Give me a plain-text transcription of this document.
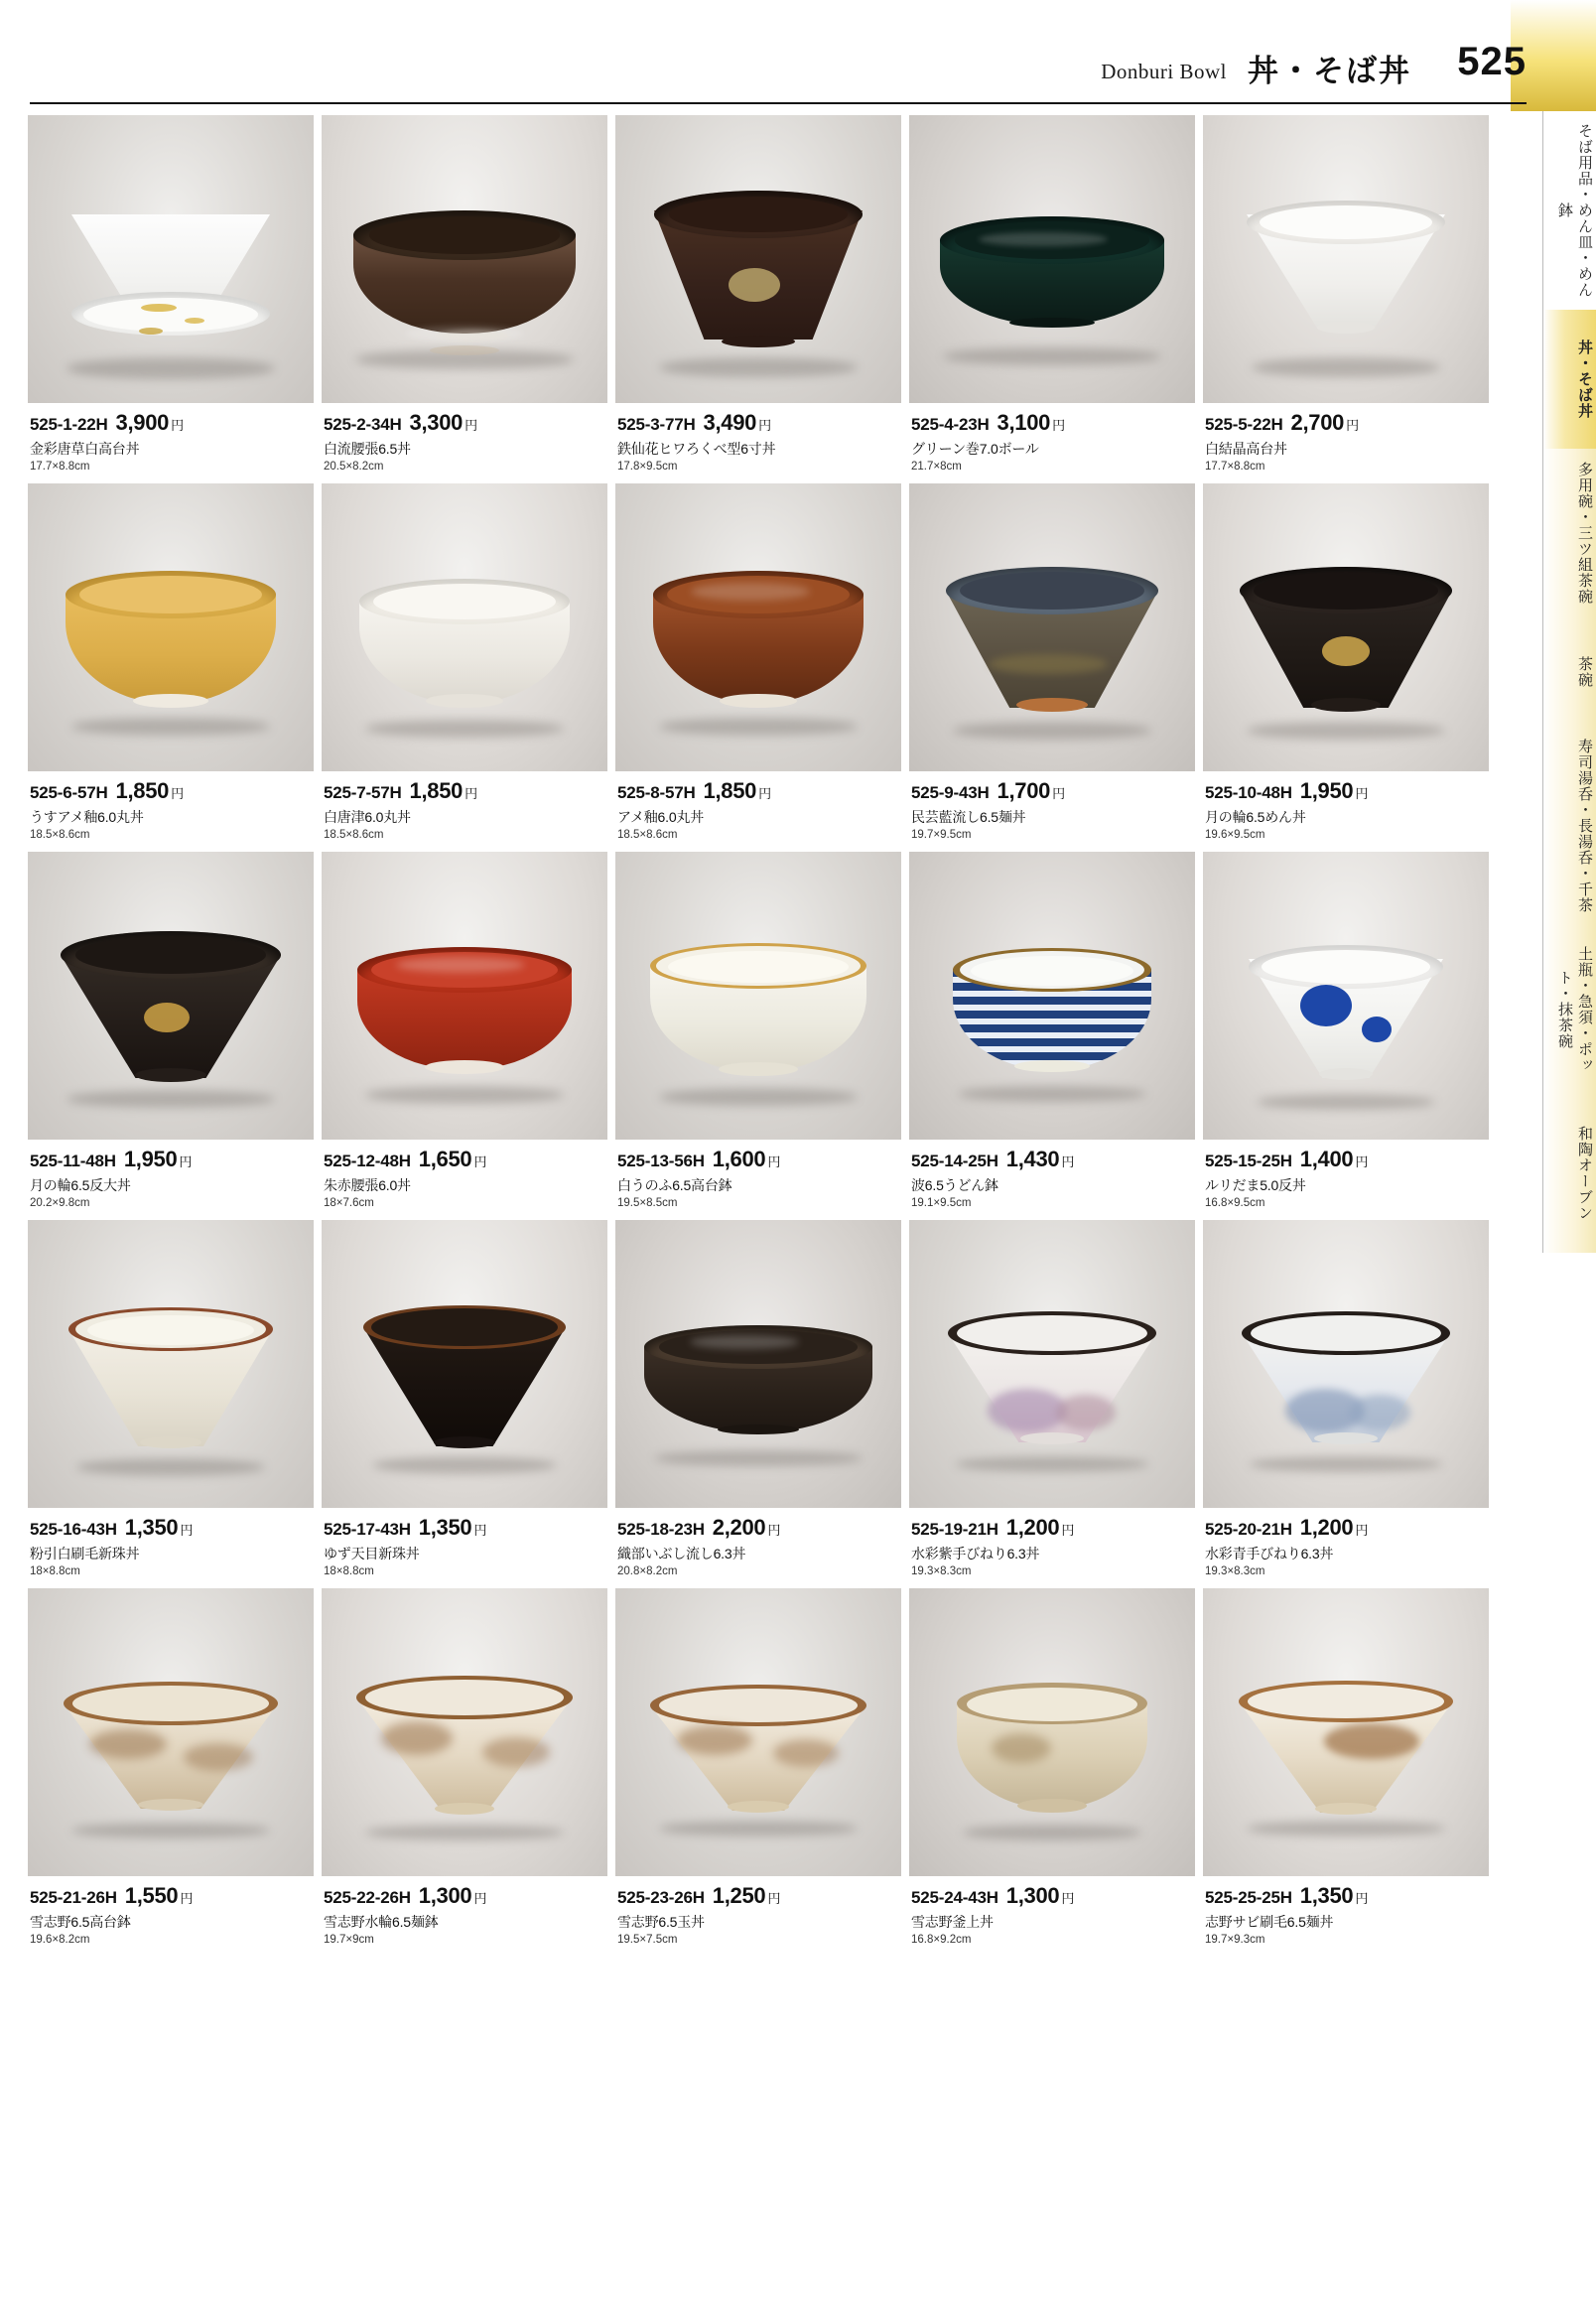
Donburi Bowl 丼・そば丼 525
そば用品・めん皿・めん鉢
丼・そば丼
多用碗・三ツ組茶碗
茶碗
寿司湯呑・長湯呑・千茶
土瓶・急須・ポット・抹茶碗
和陶オーブン
525-1-22H 3,900 円
金彩唐草白高台丼
17.7×8.8cm
525-2-34H 3,300 円
白流腰張6.5丼
20.5×8.2cm
525-3-77H 3,490 円
鉄仙花ヒワろくべ型6寸丼
17.8×9.5cm
525-4-23H 3,100 円
グリーン巻7.0ボール
21.7×8cm
525-5-22H 2,700 円
白結晶高台丼
17.7×8.8cm
525-6-57H 1,850 円
うすアメ釉6.0丸丼
18.5×8.6cm
525-7-57H 1,850 円
白唐津6.0丸丼
18.5×8.6cm
525-8-57H 1,850 円
アメ釉6.0丸丼
18.5×8.6cm
525-9-43H 1,700 円
民芸藍流し6.5麺丼
19.7×9.5cm
525-10-48H 1,950 円
月の輪6.5めん丼
19.6×9.5cm
525-11-48H 1,950 円
月の輪6.5反大丼
20.2×9.8cm
525-12-48H 1,650 円
朱赤腰張6.0丼
18×7.6cm
525-13-56H 1,600 円
白うのふ6.5高台鉢
19.5×8.5cm
525-14-25H 1,430 円
波6.5うどん鉢
19.1×9.5cm
525-15-25H 1,400 円
ルリだま5.0反丼
16.8×9.5cm
525-16-43H 1,350 円
粉引白刷毛新珠丼
18×8.8cm
525-17-43H 1,350 円
ゆず天目新珠丼
18×8.8cm
525-18-23H 2,200 円
織部いぶし流し6.3丼
20.8×8.2cm
525-19-21H 1,200 円
水彩紫手びねり6.3丼
19.3×8.3cm
525-20-21H 1,200 円
水彩青手びねり6.3丼
19.3×8.3cm
525-21-26H 1,550 円
雪志野6.5高台鉢
19.6×8.2cm
525-22-26H 1,300 円
雪志野水輪6.5麺鉢
19.7×9cm
525-23-26H 1,250 円
雪志野6.5玉丼
19.5×7.5cm
525-24-43H 1,300 円
雪志野釜上丼
16.8×9.2cm
525-25-25H 1,350 円
志野サビ刷毛6.5麺丼
19.7×9.3cm
